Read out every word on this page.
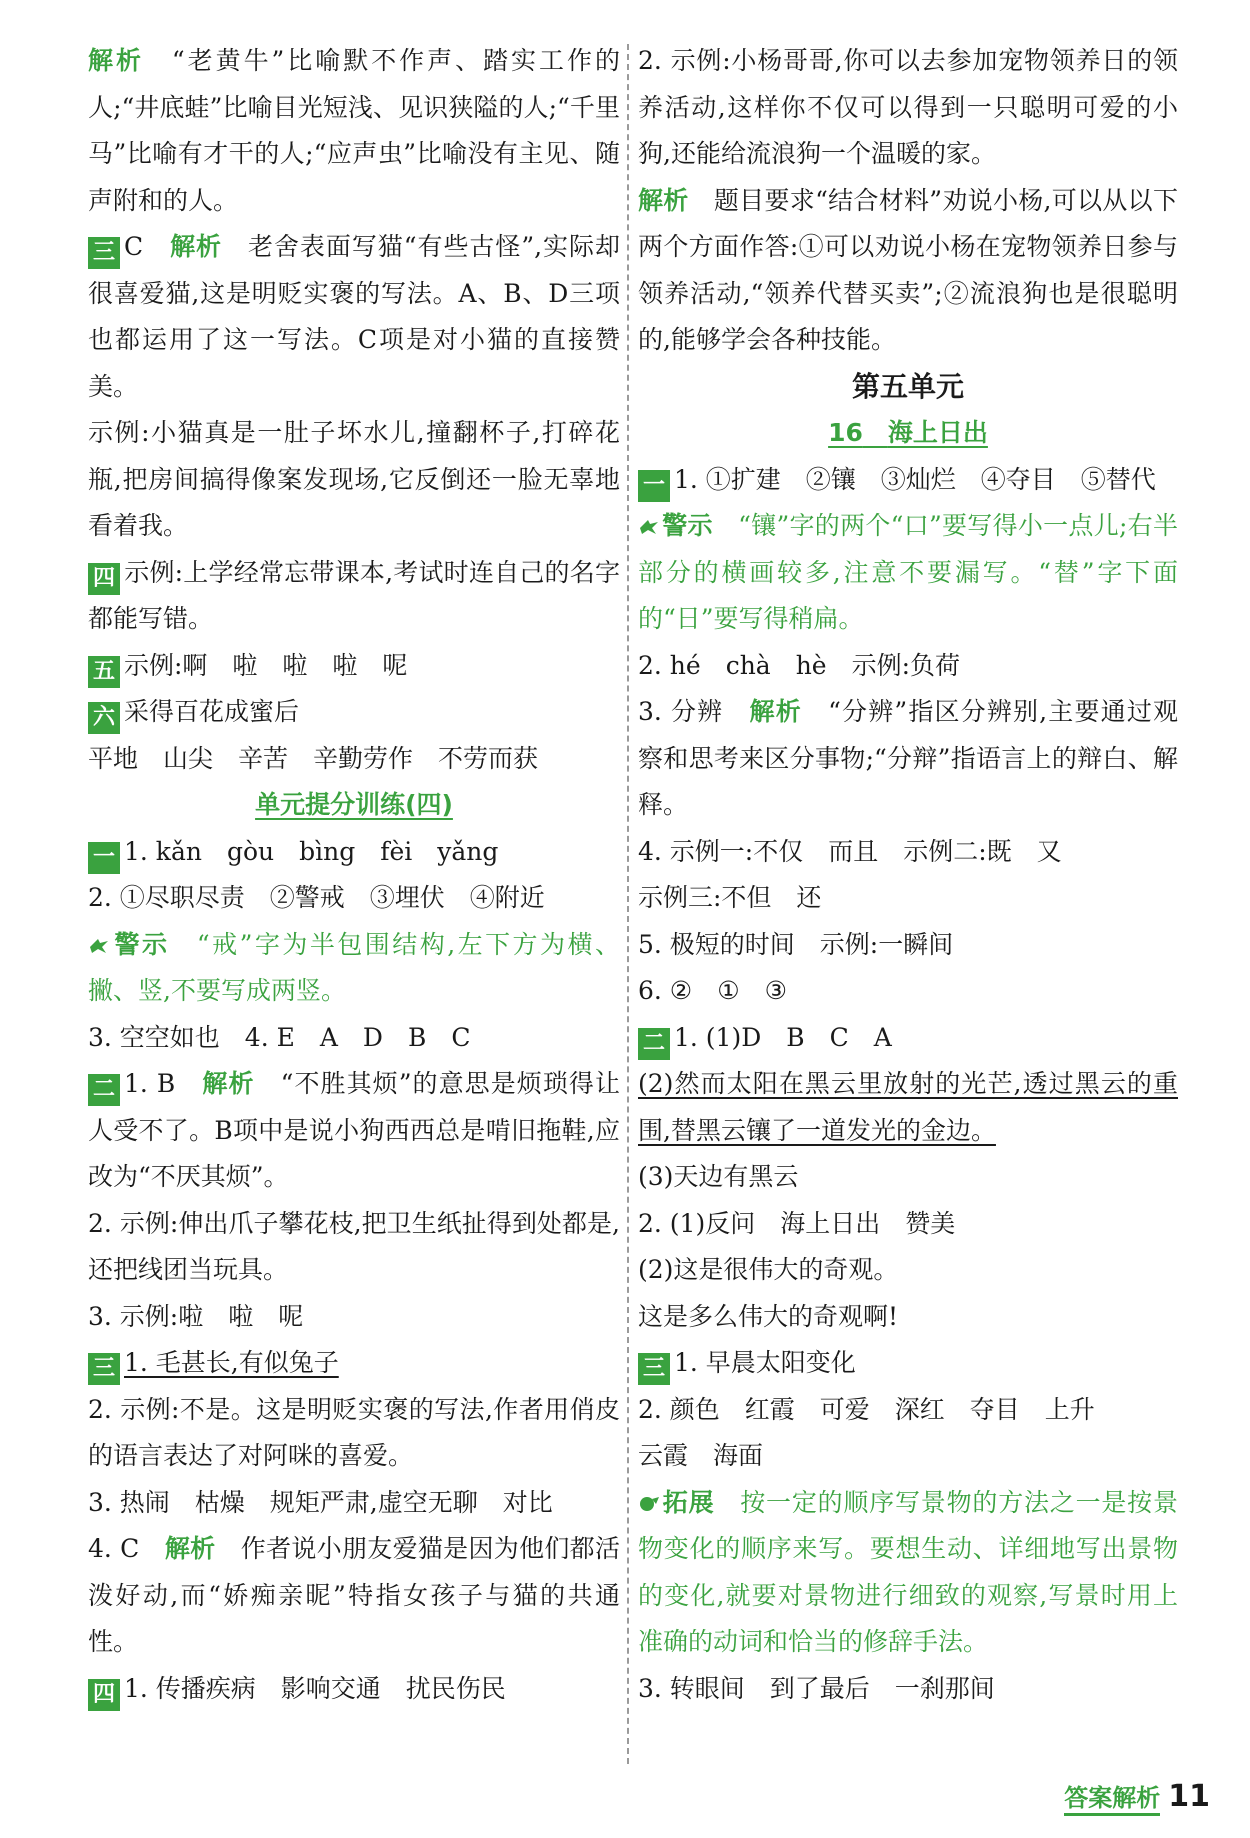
解析　 “老黄牛”比喻默不作声、踏实工作的人;“井底蛙”比喻目光短浅、见识狭隘的人;“千里马”比喻有才干的人;“应声虫”比喻没有主见、随声附和的人。

三 C　 解析　 老舍表面写猫“有些古怪”,实际却很喜爱猫,这是明贬实褒的写法。A、B、D三项也都运用了这一写法。C项是对小猫的直接赞美。

示例:小猫真是一肚子坏水儿,撞翻杯子,打碎花瓶,把房间搞得像案发现场,它反倒还一脸无辜地看着我。

四 示例:上学经常忘带课本,考试时连自己的名字都能写错。

五 示例:啊　啦　啦　啦　呢

六 采得百花成蜜后

平地　山尖　辛苦　辛勤劳作　不劳而获

单元提分训练(四)

一 1. kǎn　gòu　bìng　fèi　yǎng

2. ①尽职尽责　②警戒　③埋伏　④附近

警示　 “戒”字为半包围结构,左下方为横、撇、竖,不要写成两竖。

3. 空空如也　4. E　A　D　B　C

二 1. B　 解析　 “不胜其烦”的意思是烦琐得让人受不了。B项中是说小狗西西总是啃旧拖鞋,应改为“不厌其烦”。

2. 示例:伸出爪子攀花枝,把卫生纸扯得到处都是,还把线团当玩具。

3. 示例:啦　啦　呢

三 1. 毛甚长,有似兔子

2. 示例:不是。这是明贬实褒的写法,作者用俏皮的语言表达了对阿咪的喜爱。

3. 热闹　枯燥　规矩严肃,虚空无聊　对比

4. C　 解析　 作者说小朋友爱猫是因为他们都活泼好动,而“娇痴亲昵”特指女孩子与猫的共通性。

四 1. 传播疾病　影响交通　扰民伤民

2. 示例:小杨哥哥,你可以去参加宠物领养日的领养活动,这样你不仅可以得到一只聪明可爱的小狗,还能给流浪狗一个温暖的家。

解析　 题目要求“结合材料”劝说小杨,可以从以下两个方面作答:①可以劝说小杨在宠物领养日参与领养活动,“领养代替买卖”;②流浪狗也是很聪明的,能够学会各种技能。

第五单元

16　 海上日出

一 1. ①扩建　②镶　③灿烂　④夺目　⑤替代

警示　 “镶”字的两个“口”要写得小一点儿;右半部分的横画较多,注意不要漏写。“替”字下面的“日”要写得稍扁。

2. hé　chà　hè　示例:负荷

3. 分辨　 解析　 “分辨”指区分辨别,主要通过观察和思考来区分事物;“分辩”指语言上的辩白、解释。

4. 示例一:不仅　而且　示例二:既　又

示例三:不但　还

5. 极短的时间　示例:一瞬间

6. ②　①　③

二 1. (1)D　B　C　A

(2)然而太阳在黑云里放射的光芒,透过黑云的重围,替黑云镶了一道发光的金边。

(3)天边有黑云

2. (1)反问　海上日出　赞美

(2)这是很伟大的奇观。

这是多么伟大的奇观啊!

三 1. 早晨太阳变化

2. 颜色　红霞　可爱　深红　夺目　上升

云霞　海面

拓展　 按一定的顺序写景物的方法之一是按景物变化的顺序来写。要想生动、详细地写出景物的变化,就要对景物进行细致的观察,写景时用上准确的动词和恰当的修辞手法。

3. 转眼间　到了最后　一刹那间

答案解析 11
